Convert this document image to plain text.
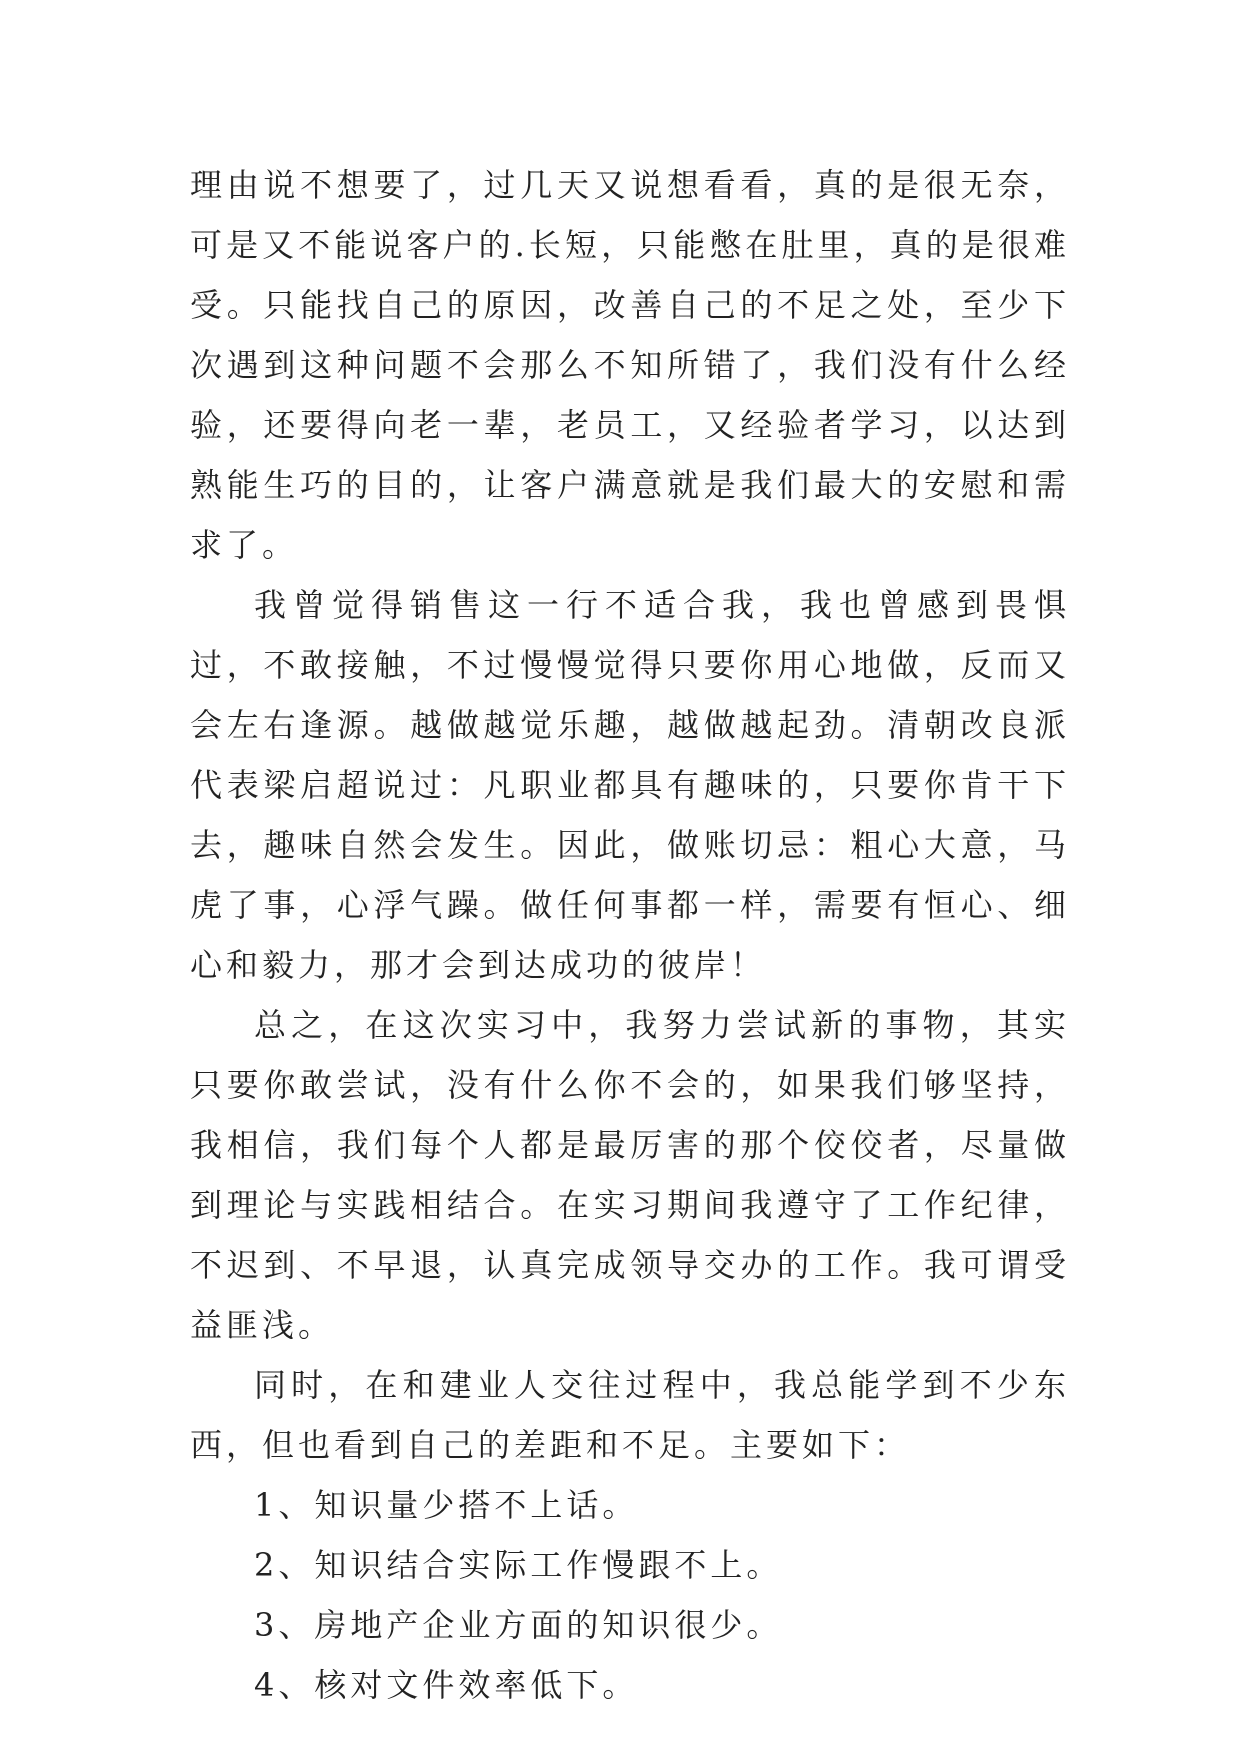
理由说不想要了，过几天又说想看看，真的是很无奈，可是又不能说客户的.长短，只能憋在肚里，真的是很难受。只能找自己的原因，改善自己的不足之处，至少下次遇到这种问题不会那么不知所错了，我们没有什么经验，还要得向老一辈，老员工，又经验者学习，以达到熟能生巧的目的，让客户满意就是我们最大的安慰和需求了。

我曾觉得销售这一行不适合我，我也曾感到畏惧过，不敢接触，不过慢慢觉得只要你用心地做，反而又会左右逢源。越做越觉乐趣，越做越起劲。清朝改良派代表梁启超说过：凡职业都具有趣味的，只要你肯干下去，趣味自然会发生。因此，做账切忌：粗心大意，马虎了事，心浮气躁。做任何事都一样，需要有恒心、细心和毅力，那才会到达成功的彼岸！

总之，在这次实习中，我努力尝试新的事物，其实只要你敢尝试，没有什么你不会的，如果我们够坚持，我相信，我们每个人都是最厉害的那个佼佼者，尽量做到理论与实践相结合。在实习期间我遵守了工作纪律，不迟到、不早退，认真完成领导交办的工作。我可谓受益匪浅。

同时，在和建业人交往过程中，我总能学到不少东西，但也看到自己的差距和不足。主要如下：

1、知识量少搭不上话。

2、知识结合实际工作慢跟不上。

3、房地产企业方面的知识很少。

4、核对文件效率低下。
